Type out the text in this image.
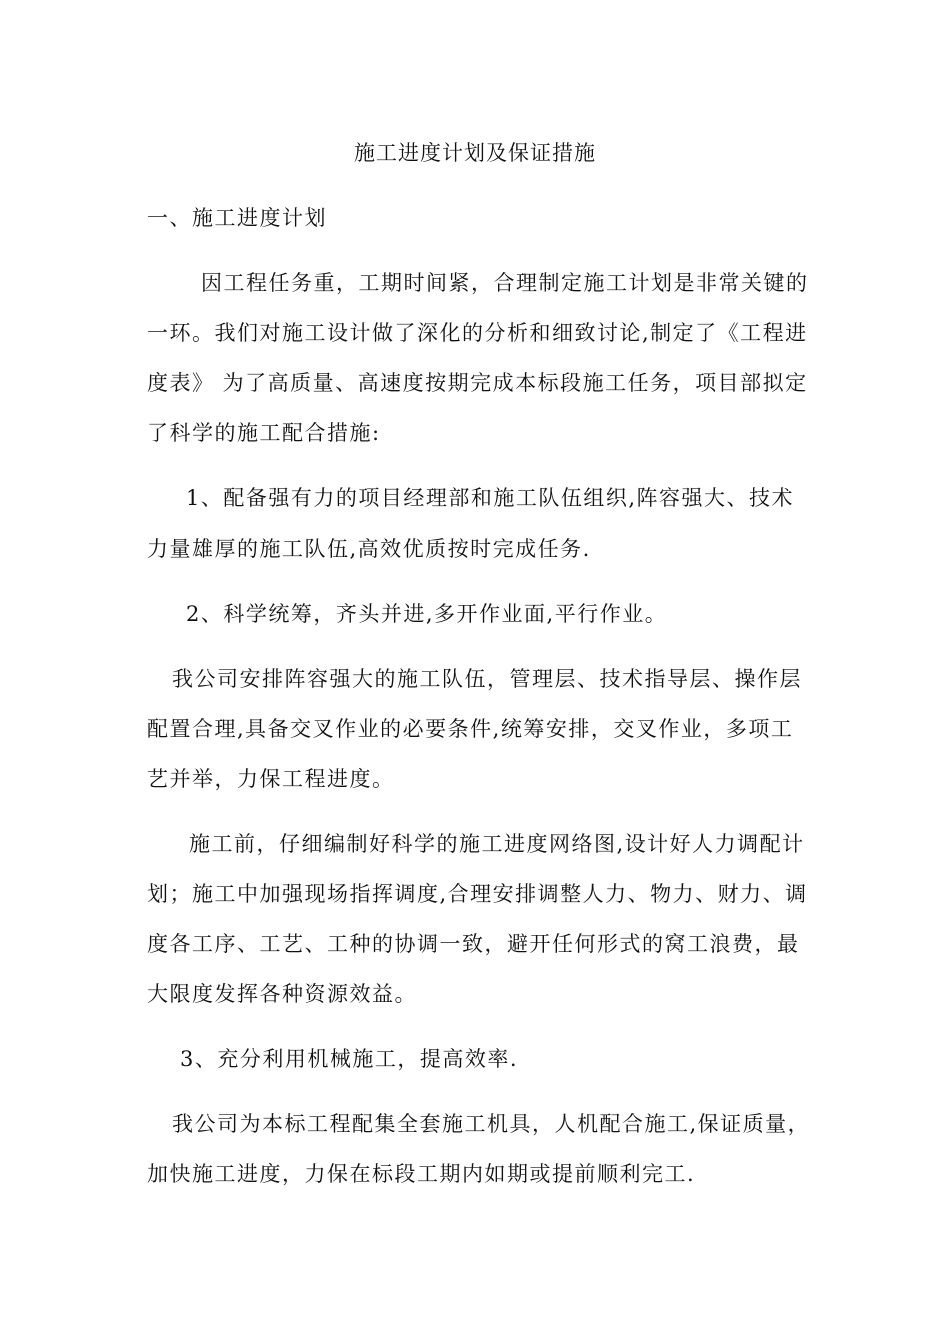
施工进度计划及保证措施
一、施工进度计划
因工程任务重，工期时间紧，合理制定施工计划是非常关键的
一环。我们对施工设计做了深化的分析和细致讨论,制定了《工程进
度表》 为了高质量、高速度按期完成本标段施工任务，项目部拟定
了科学的施工配合措施:
1、配备强有力的项目经理部和施工队伍组织,阵容强大、技术
力量雄厚的施工队伍,高效优质按时完成任务.
2、科学统筹，齐头并进,多开作业面,平行作业。
我公司安排阵容强大的施工队伍，管理层、技术指导层、操作层
配置合理,具备交叉作业的必要条件,统筹安排，交叉作业，多项工
艺并举，力保工程进度。
施工前，仔细编制好科学的施工进度网络图,设计好人力调配计
划；施工中加强现场指挥调度,合理安排调整人力、物力、财力、调
度各工序、工艺、工种的协调一致，避开任何形式的窝工浪费，最
大限度发挥各种资源效益。
3、充分利用机械施工，提高效率.
我公司为本标工程配集全套施工机具，人机配合施工,保证质量，
加快施工进度，力保在标段工期内如期或提前顺利完工.
